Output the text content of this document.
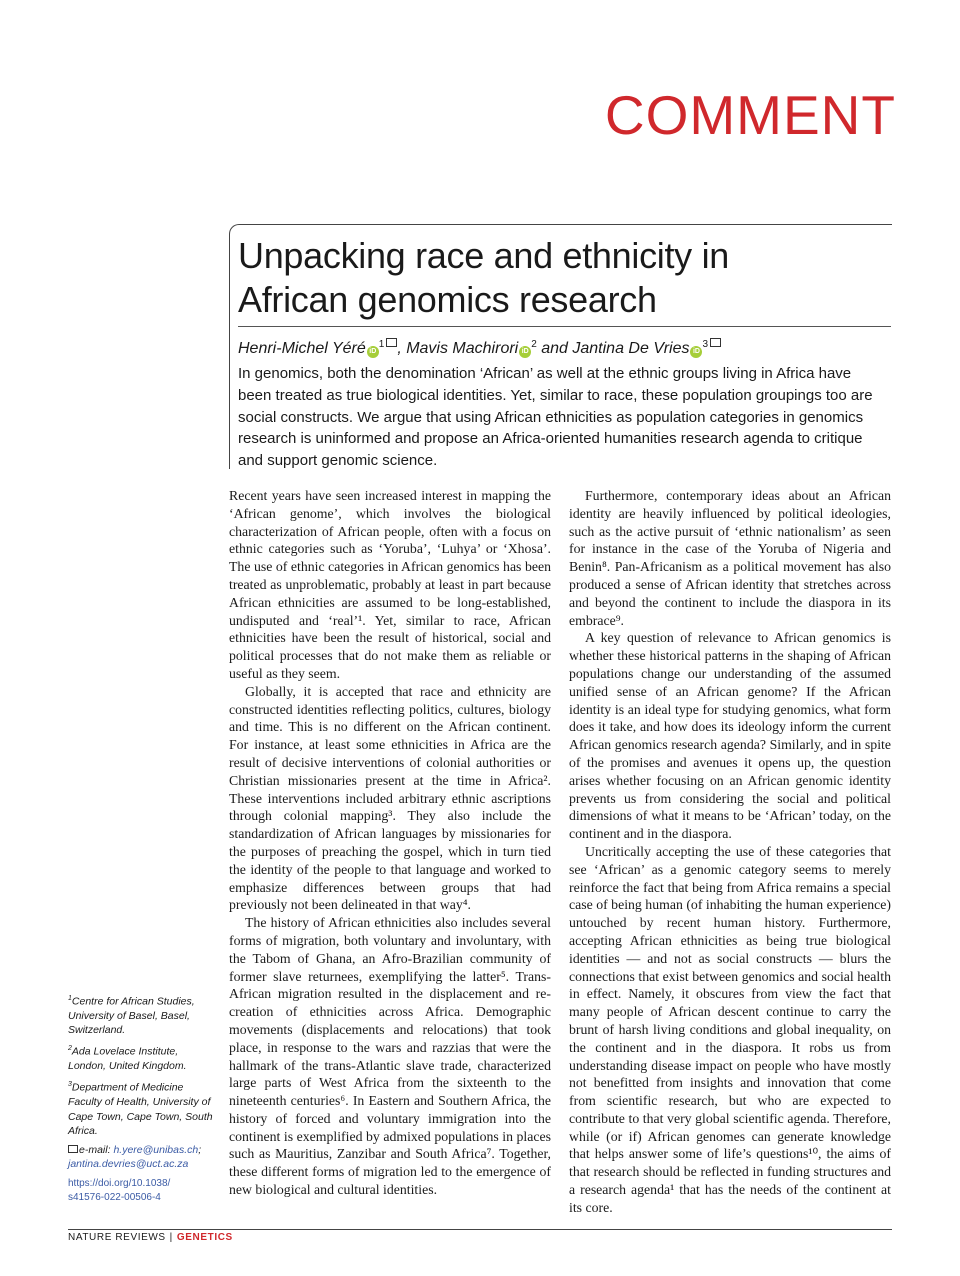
COMMENT
Unpacking race and ethnicity in
African genomics research
Henri-Michel Yéré iD$^1$ , Mavis Machirori iD$^2$ and Jantina De Vries iD$^3$
In genomics, both the denomination ‘African’ as well at the ethnic groups living in Africa have been treated as true biological identities. Yet, similar to race, these population groupings too are social constructs. We argue that using African ethnicities as population categories in genomics research is uninformed and propose an Africa-oriented humanities research agenda to critique and support genomic science.

Recent years have seen increased interest in mapping the ‘African genome’, which involves the biological characterization of African people, often with a focus on ethnic categories such as ‘Yoruba’, ‘Luhya’ or ‘Xhosa’. The use of ethnic categories in African genomics has been treated as unproblematic, probably at least in part because African ethnicities are assumed to be long-established, undisputed and ‘real’¹. Yet, similar to race, African ethnicities have been the result of historical, social and political processes that do not make them as reliable or useful as they seem.

Globally, it is accepted that race and ethnicity are constructed identities reflecting politics, cultures, biology and time. This is no different on the African continent. For instance, at least some ethnicities in Africa are the result of decisive interventions of colonial authorities or Christian missionaries present at the time in Africa². These interventions included arbitrary ethnic ascriptions through colonial mapping³. They also include the standardization of African languages by missionaries for the purposes of preaching the gospel, which in turn tied the identity of the people to that language and worked to emphasize differences between groups that had previously not been delineated in that way⁴.

The history of African ethnicities also includes several forms of migration, both voluntary and involuntary, with the Tabom of Ghana, an Afro-Brazilian community of former slave returnees, exemplifying the latter⁵. Trans-African migration resulted in the displacement and re-creation of ethnicities across Africa. Demographic movements (displacements and relocations) that took place, in response to the wars and razzias that were the hallmark of the trans-Atlantic slave trade, characterized large parts of West Africa from the sixteenth to the nineteenth centuries⁶. In Eastern and Southern Africa, the history of forced and voluntary immigration into the continent is exemplified by admixed populations in places such as Mauritius, Zanzibar and South Africa⁷. Together, these different forms of migration led to the emergence of new biological and cultural identities.

Furthermore, contemporary ideas about an African identity are heavily influenced by political ideologies, such as the active pursuit of ‘ethnic nationalism’ as seen for instance in the case of the Yoruba of Nigeria and Benin⁸. Pan-Africanism as a political movement has also produced a sense of African identity that stretches across and beyond the continent to include the diaspora in its embrace⁹.

A key question of relevance to African genomics is whether these historical patterns in the shaping of African populations change our understanding of the assumed unified sense of an African genome? If the African identity is an ideal type for studying genomics, what form does it take, and how does its ideology inform the current African genomics research agenda? Similarly, and in spite of the promises and avenues it opens up, the question arises whether focusing on an African genomic identity prevents us from considering the social and political dimensions of what it means to be ‘African’ today, on the continent and in the diaspora.

Uncritically accepting the use of these categories that see ‘African’ as a genomic category seems to merely reinforce the fact that being from Africa remains a special case of being human (of inhabiting the human experience) untouched by recent human history. Furthermore, accepting African ethnicities as being true biological identities — and not as social constructs — blurs the connections that exist between genomics and social health in effect. Namely, it obscures from view the fact that many people of African descent continue to carry the brunt of harsh living conditions and global inequality, on the continent and in the diaspora. It robs us from understanding disease impact on people who have mostly not benefitted from insights and innovation that come from scientific research, but who are expected to contribute to that very global scientific agenda. Therefore, while (or if) African genomes can generate knowledge that helps answer some of life’s questions¹⁰, the aims of that research should be reflected in funding structures and a research agenda¹ that has the needs of the continent at its core.

$^1$Centre for African Studies, University of Basel, Basel, Switzerland.

$^2$Ada Lovelace Institute, London, United Kingdom.

$^3$Department of Medicine Faculty of Health, University of Cape Town, Cape Town, South Africa.

e-mail: h.yere@unibas.ch; jantina.devries@uct.ac.za

https://doi.org/10.1038/
s41576-022-00506-4

NATURE REVIEWS | GENETICS
